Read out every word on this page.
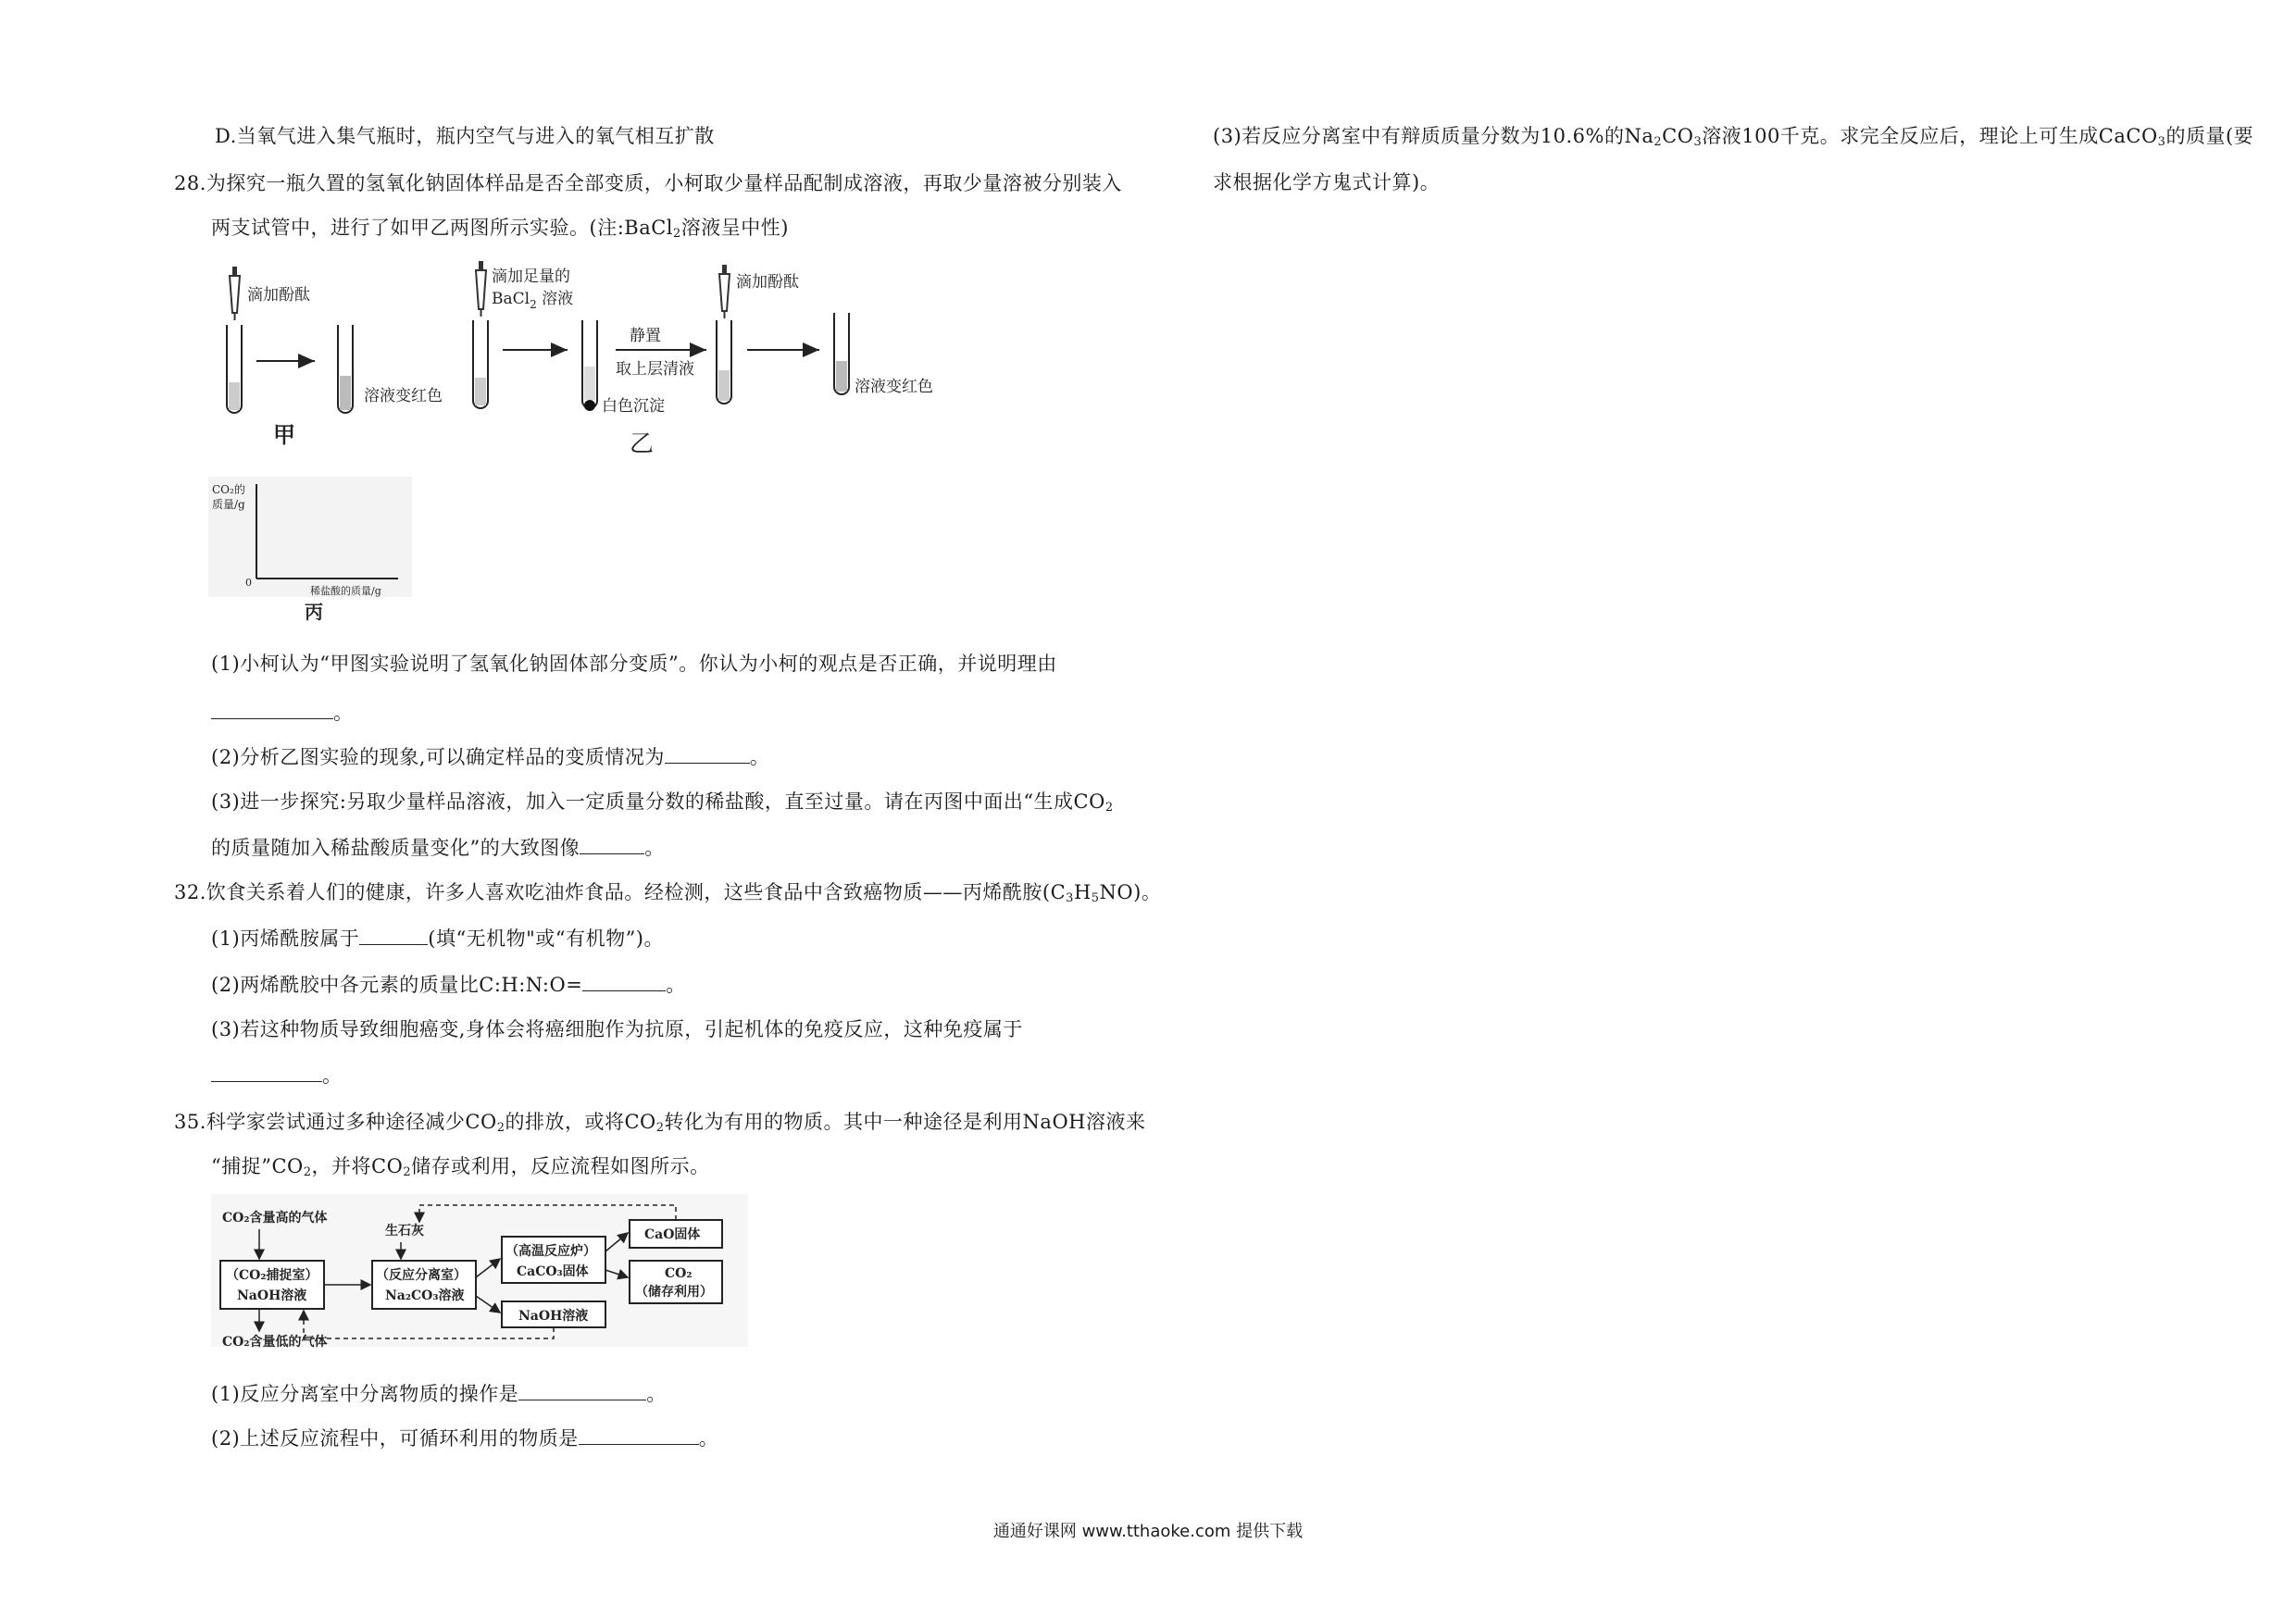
D.当氧气进入集气瓶时，瓶内空气与进入的氧气相互扩散
28.为探究一瓶久置的氢氧化钠固体样品是否全部变质，小柯取少量样品配制成溶液，再取少量溶被分别装入
两支试管中，进行了如甲乙两图所示实验。(注:BaCl$_2$溶液呈中性)
滴加酚酞
溶液变红色
甲
滴加足量的
BaCl$_2$ 溶液
白色沉淀
静置
取上层清液
滴加酚酞
溶液变红色
乙
CO₂的
质量/g
0
稀盐酸的质量/g
丙
(1)小柯认为“甲图实验说明了氢氧化钠固体部分变质”。你认为小柯的观点是否正确，并说明理由
。
(2)分析乙图实验的现象,可以确定样品的变质情况为	。
(3)进一步探究:另取少量样品溶液，加入一定质量分数的稀盐酸，直至过量。请在丙图中面出“生成$CO_2$
的质量随加入稀盐酸质量变化”的大致图像	。
32.饮食关系着人们的健康，许多人喜欢吃油炸食品。经检测，这些食品中含致癌物质——丙烯酰胺$(C_3H_5NO)$。
(1)丙烯酰胺属于	(填“无机物"或“有机物”)。
(2)两烯酰胶中各元素的质量比C:H:N:O=	。
(3)若这种物质导致细胞癌变,身体会将癌细胞作为抗原，引起机体的免疫反应，这种免疫属于
。
35.科学家尝试通过多种途径减少$CO_2$的排放，或将$CO_2$转化为有用的物质。其中一种途径是利用NaOH溶液来
“捕捉$”CO_2$，并将$CO_2$储存或利用，反应流程如图所示。
CO₂含量高的气体
（CO₂捕捉室）
NaOH溶液
CO₂含量低的气体
生石灰
（反应分离室）
Na₂CO₃溶液
（高温反应炉）
CaCO₃固体
NaOH溶液
CaO固体
CO₂
（储存利用）
(1)反应分离室中分离物质的操作是	。
(2)上述反应流程中，可循环利用的物质是	。
(3)若反应分离室中有辩质质量分数为10.6%的$Na_2CO_3$溶液100千克。求完全反应后，理论上可生成CaCO$_3$的质量(要
求根据化学方鬼式计算)。
通通好课网 www.tthaoke.com 提供下载
